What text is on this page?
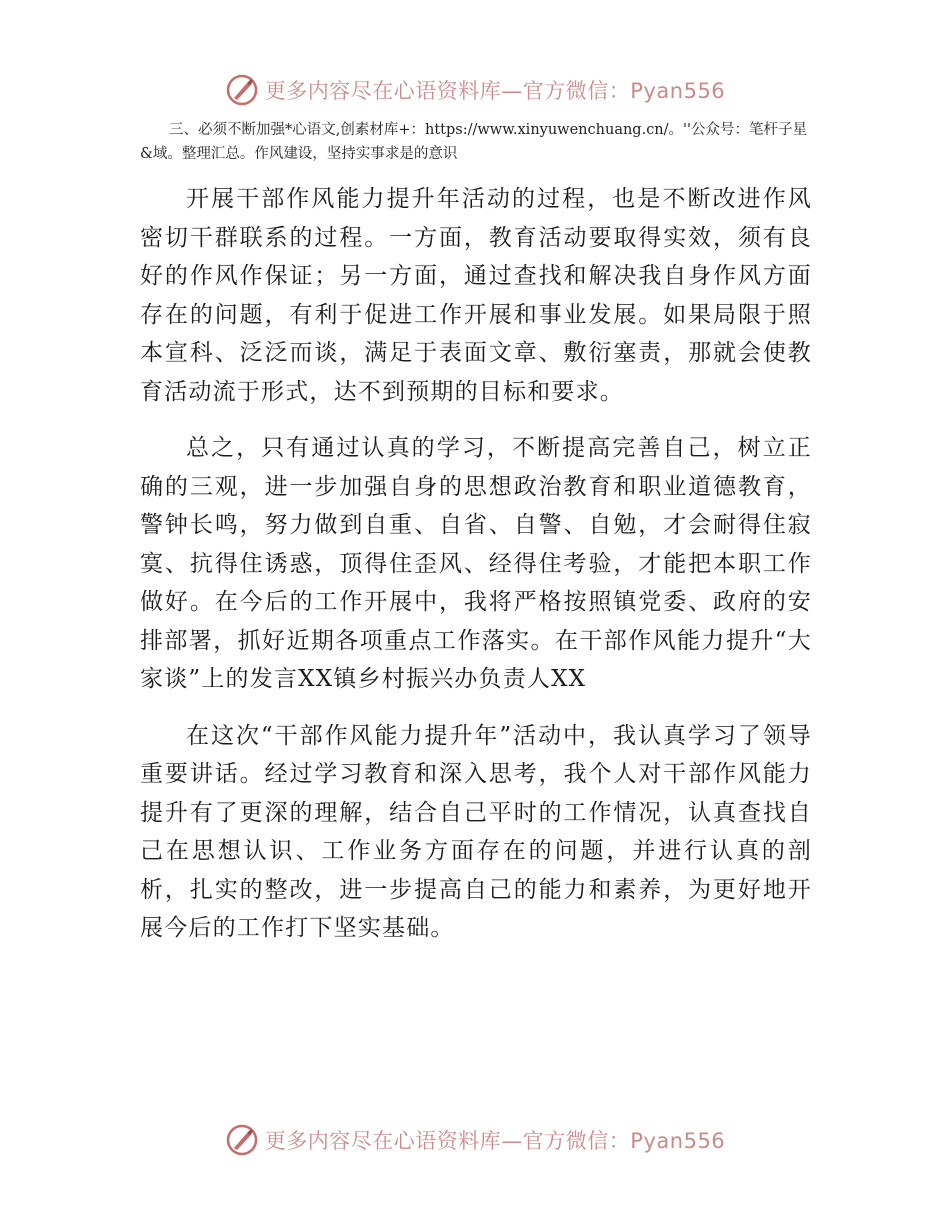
更多内容尽在心语资料库—官方微信：Pyan556

三、必须不断加强*心语文,创素材库+：https://www.xinyuwenchuang.cn/。''公众号：笔杆子星&域。整理汇总。作风建设，坚持实事求是的意识

开展干部作风能力提升年活动的过程，也是不断改进作风密切干群联系的过程。一方面，教育活动要取得实效，须有良好的作风作保证；另一方面，通过查找和解决我自身作风方面存在的问题，有利于促进工作开展和事业发展。如果局限于照本宣科、泛泛而谈，满足于表面文章、敷衍塞责，那就会使教育活动流于形式，达不到预期的目标和要求。

总之，只有通过认真的学习，不断提高完善自己，树立正确的三观，进一步加强自身的思想政治教育和职业道德教育，警钟长鸣，努力做到自重、自省、自警、自勉，才会耐得住寂寞、抗得住诱惑，顶得住歪风、经得住考验，才能把本职工作做好。在今后的工作开展中，我将严格按照镇党委、政府的安排部署，抓好近期各项重点工作落实。在干部作风能力提升“大家谈”上的发言XX镇乡村振兴办负责人XX

在这次“干部作风能力提升年”活动中，我认真学习了领导重要讲话。经过学习教育和深入思考，我个人对干部作风能力提升有了更深的理解，结合自己平时的工作情况，认真查找自己在思想认识、工作业务方面存在的问题，并进行认真的剖析，扎实的整改，进一步提高自己的能力和素养，为更好地开展今后的工作打下坚实基础。

更多内容尽在心语资料库—官方微信：Pyan556
